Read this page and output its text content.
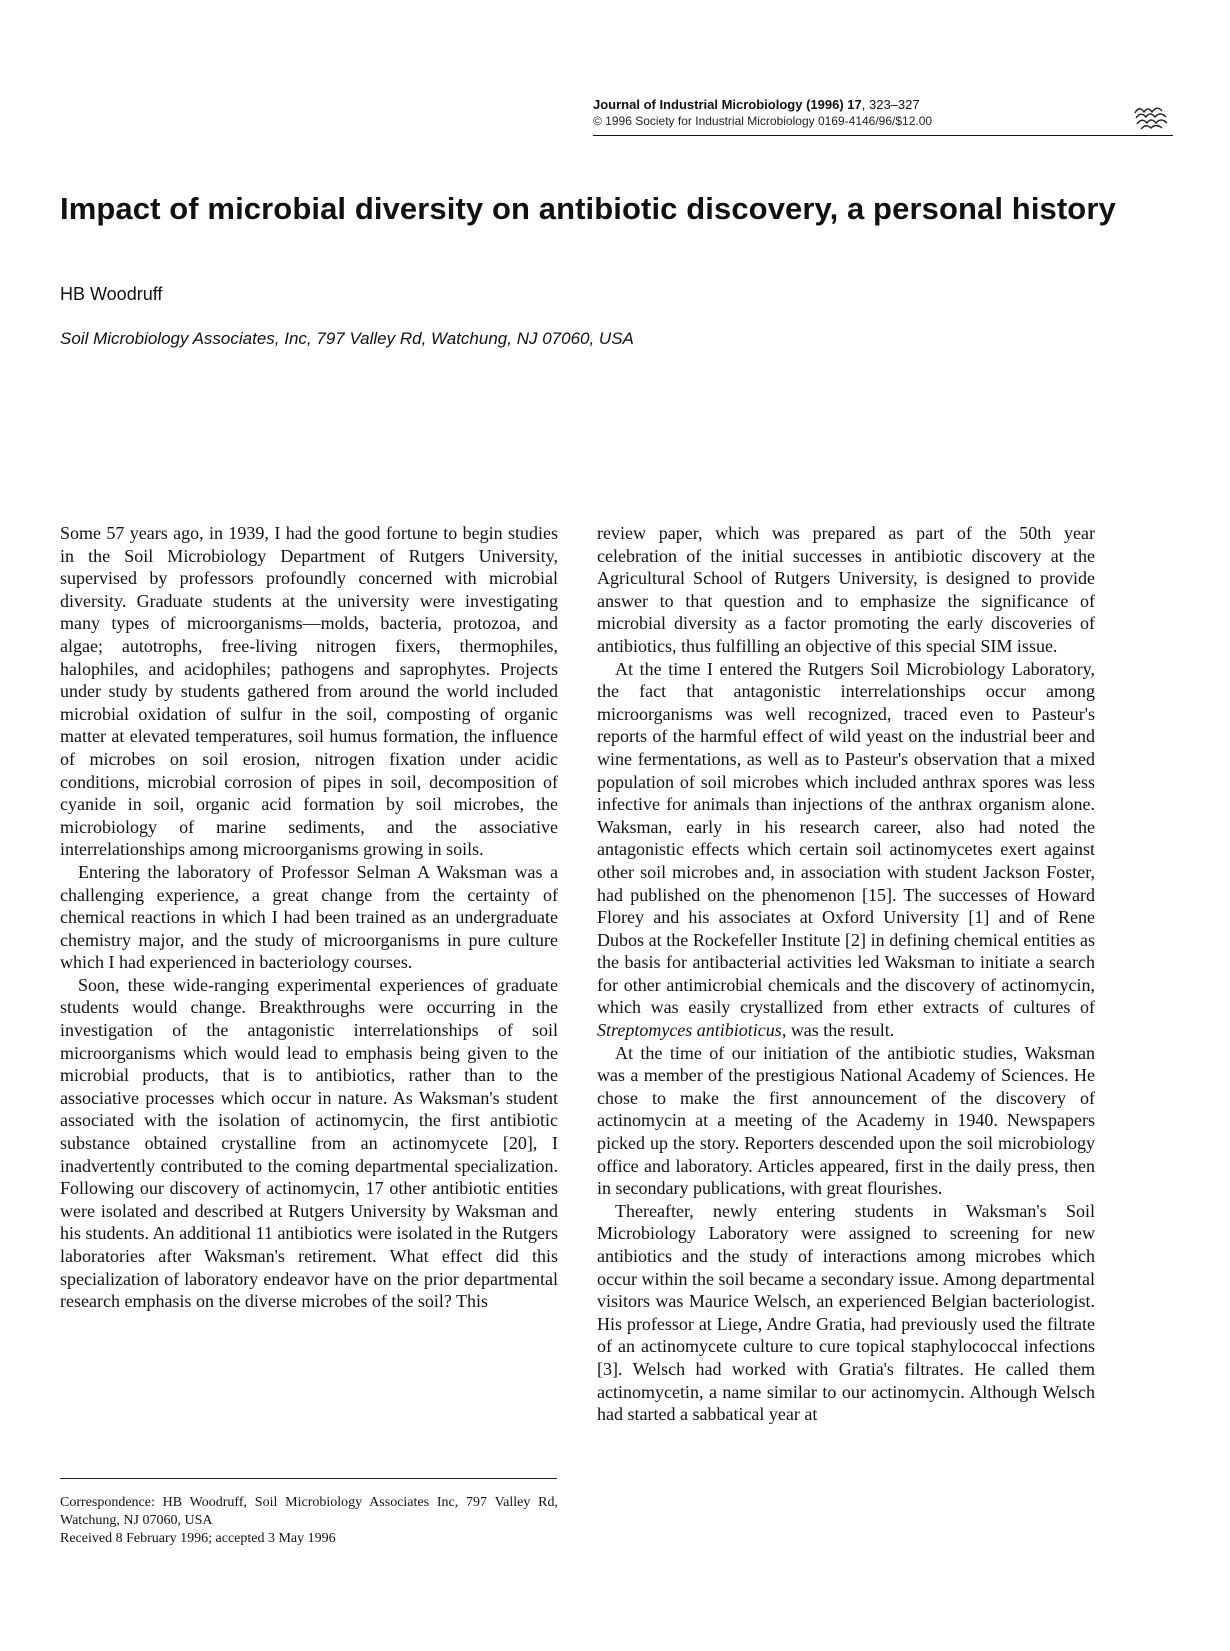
Journal of Industrial Microbiology (1996) 17, 323–327
© 1996 Society for Industrial Microbiology 0169-4146/96/$12.00
Impact of microbial diversity on antibiotic discovery, a personal history
HB Woodruff
Soil Microbiology Associates, Inc, 797 Valley Rd, Watchung, NJ 07060, USA

Some 57 years ago, in 1939, I had the good fortune to begin studies in the Soil Microbiology Department of Rutgers University, supervised by professors profoundly concerned with microbial diversity. Graduate students at the university were investigating many types of microorganisms—molds, bacteria, protozoa, and algae; autotrophs, free-living nitrogen fixers, thermophiles, halophiles, and acidophiles; pathogens and saprophytes. Projects under study by students gathered from around the world included microbial oxidation of sulfur in the soil, composting of organic matter at elevated temperatures, soil humus formation, the influence of microbes on soil erosion, nitrogen fixation under acidic conditions, microbial corrosion of pipes in soil, decomposition of cyanide in soil, organic acid formation by soil microbes, the microbiology of marine sediments, and the associative interrelationships among microorganisms growing in soils.

Entering the laboratory of Professor Selman A Waksman was a challenging experience, a great change from the certainty of chemical reactions in which I had been trained as an undergraduate chemistry major, and the study of microorganisms in pure culture which I had experienced in bacteriology courses.

Soon, these wide-ranging experimental experiences of graduate students would change. Breakthroughs were occurring in the investigation of the antagonistic interrelationships of soil microorganisms which would lead to emphasis being given to the microbial products, that is to antibiotics, rather than to the associative processes which occur in nature. As Waksman's student associated with the isolation of actinomycin, the first antibiotic substance obtained crystalline from an actinomycete [20], I inadvertently contributed to the coming departmental specialization. Following our discovery of actinomycin, 17 other antibiotic entities were isolated and described at Rutgers University by Waksman and his students. An additional 11 antibiotics were isolated in the Rutgers laboratories after Waksman's retirement. What effect did this specialization of laboratory endeavor have on the prior departmental research emphasis on the diverse microbes of the soil? This

review paper, which was prepared as part of the 50th year celebration of the initial successes in antibiotic discovery at the Agricultural School of Rutgers University, is designed to provide answer to that question and to emphasize the significance of microbial diversity as a factor promoting the early discoveries of antibiotics, thus fulfilling an objective of this special SIM issue.

At the time I entered the Rutgers Soil Microbiology Laboratory, the fact that antagonistic interrelationships occur among microorganisms was well recognized, traced even to Pasteur's reports of the harmful effect of wild yeast on the industrial beer and wine fermentations, as well as to Pasteur's observation that a mixed population of soil microbes which included anthrax spores was less infective for animals than injections of the anthrax organism alone. Waksman, early in his research career, also had noted the antagonistic effects which certain soil actinomycetes exert against other soil microbes and, in association with student Jackson Foster, had published on the phenomenon [15]. The successes of Howard Florey and his associates at Oxford University [1] and of Rene Dubos at the Rockefeller Institute [2] in defining chemical entities as the basis for antibacterial activities led Waksman to initiate a search for other antimicrobial chemicals and the discovery of actinomycin, which was easily crystallized from ether extracts of cultures of Streptomyces antibioticus, was the result.

At the time of our initiation of the antibiotic studies, Waksman was a member of the prestigious National Academy of Sciences. He chose to make the first announcement of the discovery of actinomycin at a meeting of the Academy in 1940. Newspapers picked up the story. Reporters descended upon the soil microbiology office and laboratory. Articles appeared, first in the daily press, then in secondary publications, with great flourishes.

Thereafter, newly entering students in Waksman's Soil Microbiology Laboratory were assigned to screening for new antibiotics and the study of interactions among microbes which occur within the soil became a secondary issue. Among departmental visitors was Maurice Welsch, an experienced Belgian bacteriologist. His professor at Liege, Andre Gratia, had previously used the filtrate of an actinomycete culture to cure topical staphylococcal infections [3]. Welsch had worked with Gratia's filtrates. He called them actinomycetin, a name similar to our actinomycin. Although Welsch had started a sabbatical year at

Correspondence: HB Woodruff, Soil Microbiology Associates Inc, 797 Valley Rd, Watchung, NJ 07060, USA
Received 8 February 1996; accepted 3 May 1996
